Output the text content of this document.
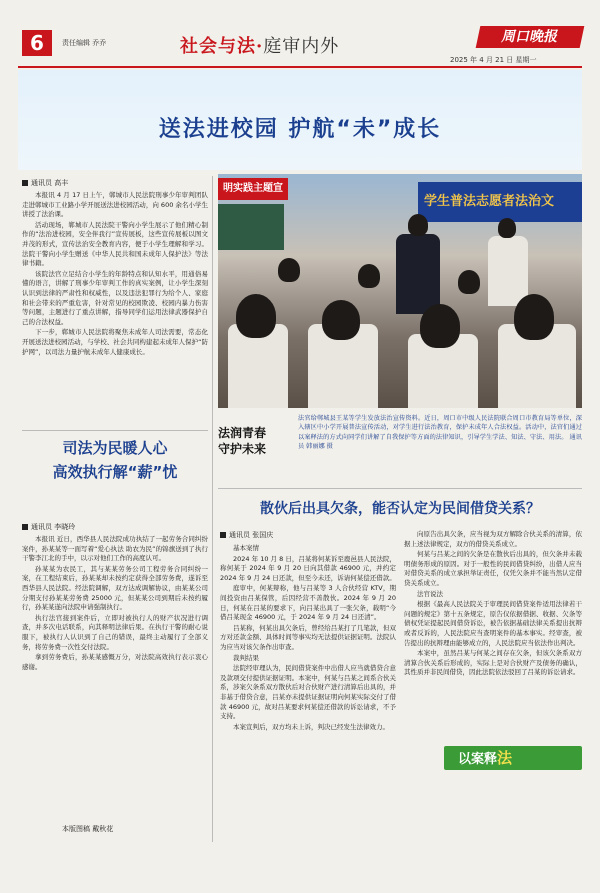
6	责任编辑 乔乔	社会与法·庭审内外	周口晚报
2025 年 4 月 21 日 星期一
送法进校园 护航“未”成长
通讯员 高丰

本报讯 4 月 17 日上午，郸城市人民法院刑事少年审判团队走进郸城市工业路小学开展送法进校园活动，向 600 余名小学生讲授了法治课。

活动现场，郸城市人民法院干警向小学生展示了他们精心制作的“法治进校园，安全伴我行”宣传展板，这些宣传展板以图文并茂的形式，宣传法治安全教育内容，便于小学生理解和学习。法院干警向小学生赠送《中华人民共和国未成年人保护法》等法律书籍。

该院法官立足结合小学生的年龄特点和认知水平，用通俗易懂的语言，讲解了刑事少年审判工作的真实案例，让小学生深刻认识到法律的严肃性和权威性，以及违法犯罪行为给个人、家庭和社会带来的严重危害，针对常见的校园欺凌、校园内暴力伤害等问题，主题进行了重点讲解，指导同学们运用法律武器保护自己的合法权益。

下一步，郸城市人民法院将聚焦未成年人司法需要，常态化开展送法进校园活动，与学校、社会共同构建起未成年人保护“防护网”，以司法力量护航未成年人健康成长。

司法为民暖人心
高效执行解“薪”忧
通讯员 李晓玲

本报讯 近日，西华县人民法院成功执结了一起劳务合同纠纷案件，孙某某等一面写着“爱心执法 助农为民”的锦旗送到了执行干警李江北的手中，以示对他们工作的高度认可。

孙某某为农民工，其与某某劳务公司工程劳务合同纠纷一案，在工程结束后，孙某某却未按约定获得全部劳务费，遂诉至西华县人民法院。经法院调解，双方达成调解协议，由某某公司分期支付孙某某劳务费 25000 元，但某某公司到期后未按约履行，孙某某遂向法院申请强制执行。

执行法官接到案件后，立即对被执行人的财产状况进行调查，并多次电话联系，向其释明法律后果。在执行干警的耐心说服下，被执行人认识到了自己的错误，最终主动履行了全部义务，将劳务费一次性交付法院。

拿到劳务费后，孙某某感慨万分，对法院高效执行表示衷心感谢。

本版图稿 戴秋花
明实践主题宣
学生普法志愿者法治文
法润青春
守护未来
法官给郸城县王某等学生发放法治宣传资料。近日，周口市中级人民法院联合周口市教育局等单位，深入辖区中小学开展普法宣传活动，对学生进行法治教育，保护未成年人合法权益。活动中，法官们通过以案释法的方式向同学们讲解了自我保护等方面的法律知识，引导学生学法、知法、守法、用法。 通讯员 韩丽娜 摄
散伙后出具欠条，能否认定为民间借贷关系？
通讯员 张国庆

基本案情

2024 年 10 月 8 日，吕某将何某诉至鹿邑县人民法院，称何某于 2024 年 9 月 20 日向其借款 46900 元，并约定 2024 年 9 月 24 日还款，但至今未还，诉请何某偿还借款。

庭审中，何某辩称，他与吕某等 3 人合伙经营 KTV，期间投资由吕某保管，后因经营不善散伙。2024 年 9 月 20 日，何某在吕某的要求下，向吕某出具了一张欠条，载明“今借吕某现金 46900 元，于 2024 年 9 月 24 日还清”。

吕某称，何某出具欠条后，曾经给吕某打了几笔款，但双方对还款金额、具体时间等事实均无法提供证据证明。法院认为应当对该欠条作出审查。

裁判结果

法院经审理认为，民间借贷案件中出借人应当就借贷合意及款项交付提供证据证明。本案中，何某与吕某之间系合伙关系，涉案欠条系双方散伙后对合伙财产进行清算后出具的，并非基于借贷合意，吕某亦未提供证据证明向何某实际交付了借款 46900 元，故对吕某要求何某偿还借款的诉讼请求，不予支持。

本案宣判后，双方均未上诉，判决已经发生法律效力。

向原告出具欠条，应当视为双方解除合伙关系的清算，依据上述法律规定，双方的借贷关系成立。

何某与吕某之间的欠条是在散伙后出具的，但欠条并未载明债务形成的原因。对于一般性的民间借贷纠纷，出借人应当对借贷关系的成立承担举证责任，仅凭欠条并不能当然认定借贷关系成立。

法官说法

根据《最高人民法院关于审理民间借贷案件适用法律若干问题的规定》第十五条规定，原告仅依据借据、收据、欠条等债权凭证提起民间借贷诉讼，被告依据基础法律关系提出抗辩或者反诉的，人民法院应当查明案件的基本事实。经审查，被告提出的抗辩理由能够成立的，人民法院应当依法作出判决。

本案中，虽然吕某与何某之间存在欠条，但该欠条系双方清算合伙关系后形成的，实际上是对合伙财产及债务的确认，其性质并非民间借贷，因此法院依法驳回了吕某的诉讼请求。

以案释法
